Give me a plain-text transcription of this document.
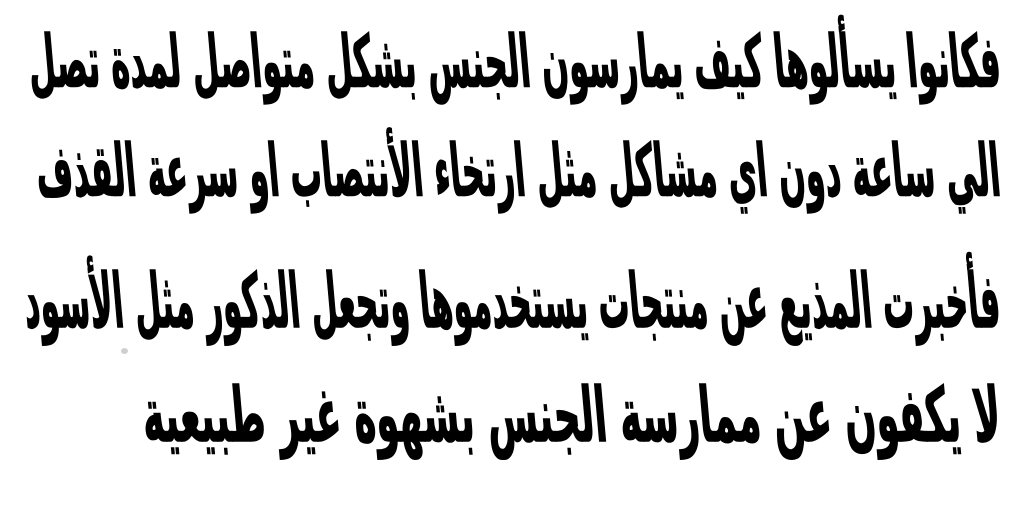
فكانوا يسألوها كيف يمارسون الجنس بشكل متواصل لمدة تصل
الي ساعة دون اي مشاكل مثل ارتخاء الأنتصاب او سرعة القذف
فأخبرت المذيع عن منتجات يستخدموها وتجعل الذكور مثل الأسود
لا يكفون عن ممارسة الجنس بشهوة غير طبيعية
